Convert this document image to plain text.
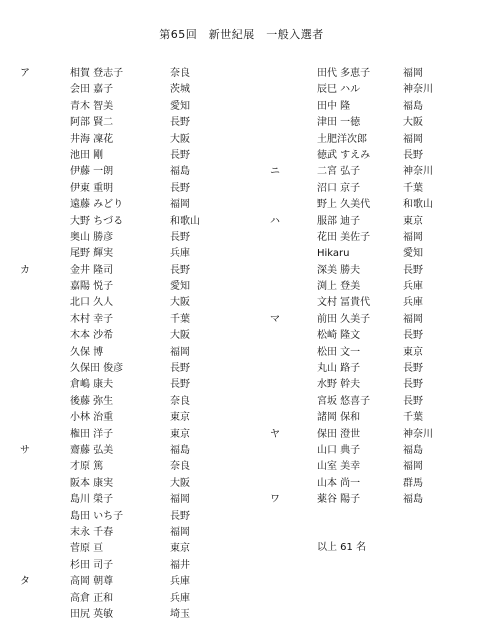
第65回　新世紀展　一般入選者
ア	相賀 登志子	奈良
会田 嘉子	茨城
青木 智美	愛知
阿部 賢二	長野
井海 凜花	大阪
池田 剛	長野
伊藤 一朗	福島
伊東 重明	長野
遠藤 みどり	福岡
大野 ちづる	和歌山
奥山 勝彦	長野
尾野 輝実	兵庫
カ	金井 隆司	長野
嘉陽 悦子	愛知
北口 久人	大阪
木村 幸子	千葉
木本 沙希	大阪
久保 博	福岡
久保田 俊彦	長野
倉嶋 康夫	長野
後藤 弥生	奈良
小林 治重	東京
権田 洋子	東京
サ	齋藤 弘美	福島
才原 篤	奈良
阪本 康実	大阪
島川 榮子	福岡
島田 いち子	長野
末永 千春	福岡
菅原 亘	東京
杉田 司子	福井
タ	高岡 朝尊	兵庫
高倉 正和	兵庫
田尻 英敏	埼玉
田代 多恵子	福岡
辰巳 ハル	神奈川
田中 隆	福島
津田 一徳	大阪
土肥洋次郎	福岡
徳武 すえみ	長野
ニ	二宮 弘子	神奈川
沼口 京子	千葉
野上 久美代	和歌山
ハ	服部 迪子	東京
花田 美佐子	福岡
Hikaru	愛知
深美 勝夫	長野
渕上 登美	兵庫
文村 冨貴代	兵庫
マ	前田 久美子	福岡
松崎 隆文	長野
松田 文一	東京
丸山 路子	長野
水野 幹夫	長野
宮坂 悠喜子	長野
諸岡 保和	千葉
ヤ	保田 澄世	神奈川
山口 典子	福島
山室 美幸	福岡
山本 尚一	群馬
ワ	薬谷 陽子	福島
以上 61 名
